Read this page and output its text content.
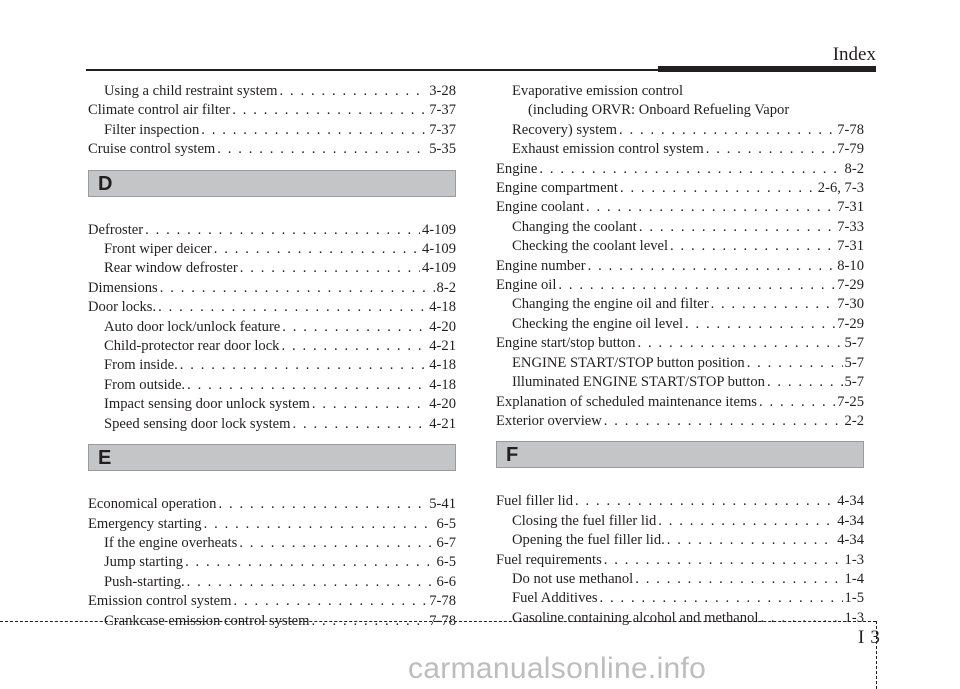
Index
Using a child restraint system . . .	3-28
Climate control air filter . . .	7-37
Filter inspection . . .	7-37
Cruise control system . . .	5-35
D
Defroster . . .	4-109
Front wiper deicer . . .	4-109
Rear window defroster . . .	4-109
Dimensions . . .	8-2
Door locks. . . .	4-18
Auto door lock/unlock feature . . .	4-20
Child-protector rear door lock . . .	4-21
From inside. . . .	4-18
From outside. . . .	4-18
Impact sensing door unlock system . . .	4-20
Speed sensing door lock system . . .	4-21
E
Economical operation . . .	5-41
Emergency starting . . .	6-5
If the engine overheats . . .	6-7
Jump starting . . .	6-5
Push-starting. . . .	6-6
Emission control system . . .	7-78
Crankcase emission control system . . .	7-78
Evaporative emission control
(including ORVR: Onboard Refueling Vapor
Recovery) system . . .	7-78
Exhaust emission control system . . .	7-79
Engine . . .	8-2
Engine compartment . . .	2-6, 7-3
Engine coolant . . .	7-31
Changing the coolant . . .	7-33
Checking the coolant level . . .	7-31
Engine number . . .	8-10
Engine oil . . .	7-29
Changing the engine oil and filter . . .	7-30
Checking the engine oil level . . .	7-29
Engine start/stop button . . .	5-7
ENGINE START/STOP button position . . .	5-7
Illuminated ENGINE START/STOP button . . .	5-7
Explanation of scheduled maintenance items . . .	7-25
Exterior overview . . .	2-2
F
Fuel filler lid . . .	4-34
Closing the fuel filler lid . . .	4-34
Opening the fuel filler lid. . . .	4-34
Fuel requirements . . .	1-3
Do not use methanol . . .	1-4
Fuel Additives . . .	1-5
Gasoline containing alcohol and methanol . . .	1-3
I 3
carmanualsonline.info
